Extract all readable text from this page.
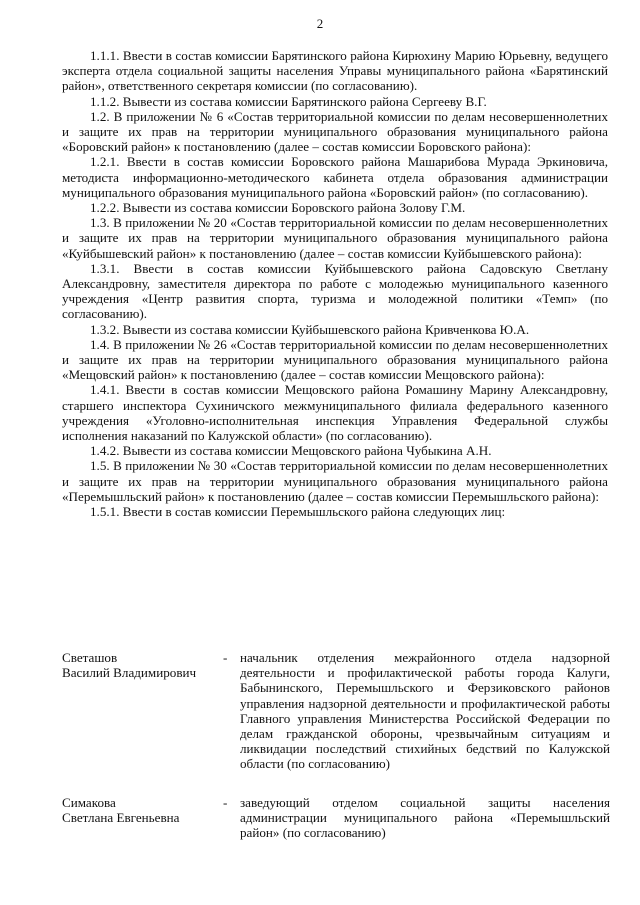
2

1.1.1. Ввести в состав комиссии Барятинского района Кирюхину Марию Юрьевну, ведущего эксперта отдела социальной защиты населения Управы муниципального района «Барятинский район», ответственного секретаря комиссии (по согласованию).

1.1.2. Вывести из состава комиссии Барятинского района Сергееву В.Г.

1.2. В приложении № 6 «Состав территориальной комиссии по делам несовершеннолетних и защите их прав на территории муниципального образования муниципального района «Боровский район» к постановлению (далее – состав комиссии Боровского района):

1.2.1. Ввести в состав комиссии Боровского района Машарибова Мурада Эркиновича, методиста информационно-методического кабинета отдела образования администрации муниципального образования муниципального района «Боровский район» (по согласованию).

1.2.2. Вывести из состава комиссии Боровского района Золову Г.М.

1.3. В приложении № 20 «Состав территориальной комиссии по делам несовершеннолетних и защите их прав на территории муниципального образования муниципального района «Куйбышевский район» к постановлению (далее – состав комиссии Куйбышевского района):

1.3.1. Ввести в состав комиссии Куйбышевского района Садовскую Светлану Александровну, заместителя директора по работе с молодежью муниципального казенного учреждения «Центр развития спорта, туризма и молодежной политики «Темп» (по согласованию).

1.3.2. Вывести из состава комиссии Куйбышевского района Кривченкова Ю.А.

1.4. В приложении № 26 «Состав территориальной комиссии по делам несовершеннолетних и защите их прав на территории муниципального образования муниципального района «Мещовский район» к постановлению (далее – состав комиссии Мещовского района):

1.4.1. Ввести в состав комиссии Мещовского района Ромашину Марину Александровну, старшего инспектора Сухиничского межмуниципального филиала федерального казенного учреждения «Уголовно-исполнительная инспекция Управления Федеральной службы исполнения наказаний по Калужской области» (по согласованию).

1.4.2. Вывести из состава комиссии Мещовского района Чубыкина А.Н.

1.5. В приложении № 30 «Состав территориальной комиссии по делам несовершеннолетних и защите их прав на территории муниципального образования муниципального района «Перемышльский район» к постановлению (далее – состав комиссии Перемышльского района):

1.5.1. Ввести в состав комиссии Перемышльского района следующих лиц:

Светашов
Василий Владимирович
- начальник отделения межрайонного отдела надзорной деятельности и профилактической работы города Калуги, Бабынинского, Перемышльского и Ферзиковского районов управления надзорной деятельности и профилактической работы Главного управления Министерства Российской Федерации по делам гражданской обороны, чрезвычайным ситуациям и ликвидации последствий стихийных бедствий по Калужской области (по согласованию)
Симакова
Светлана Евгеньевна
- заведующий отделом социальной защиты населения администрации муниципального района «Перемышльский район» (по согласованию)
